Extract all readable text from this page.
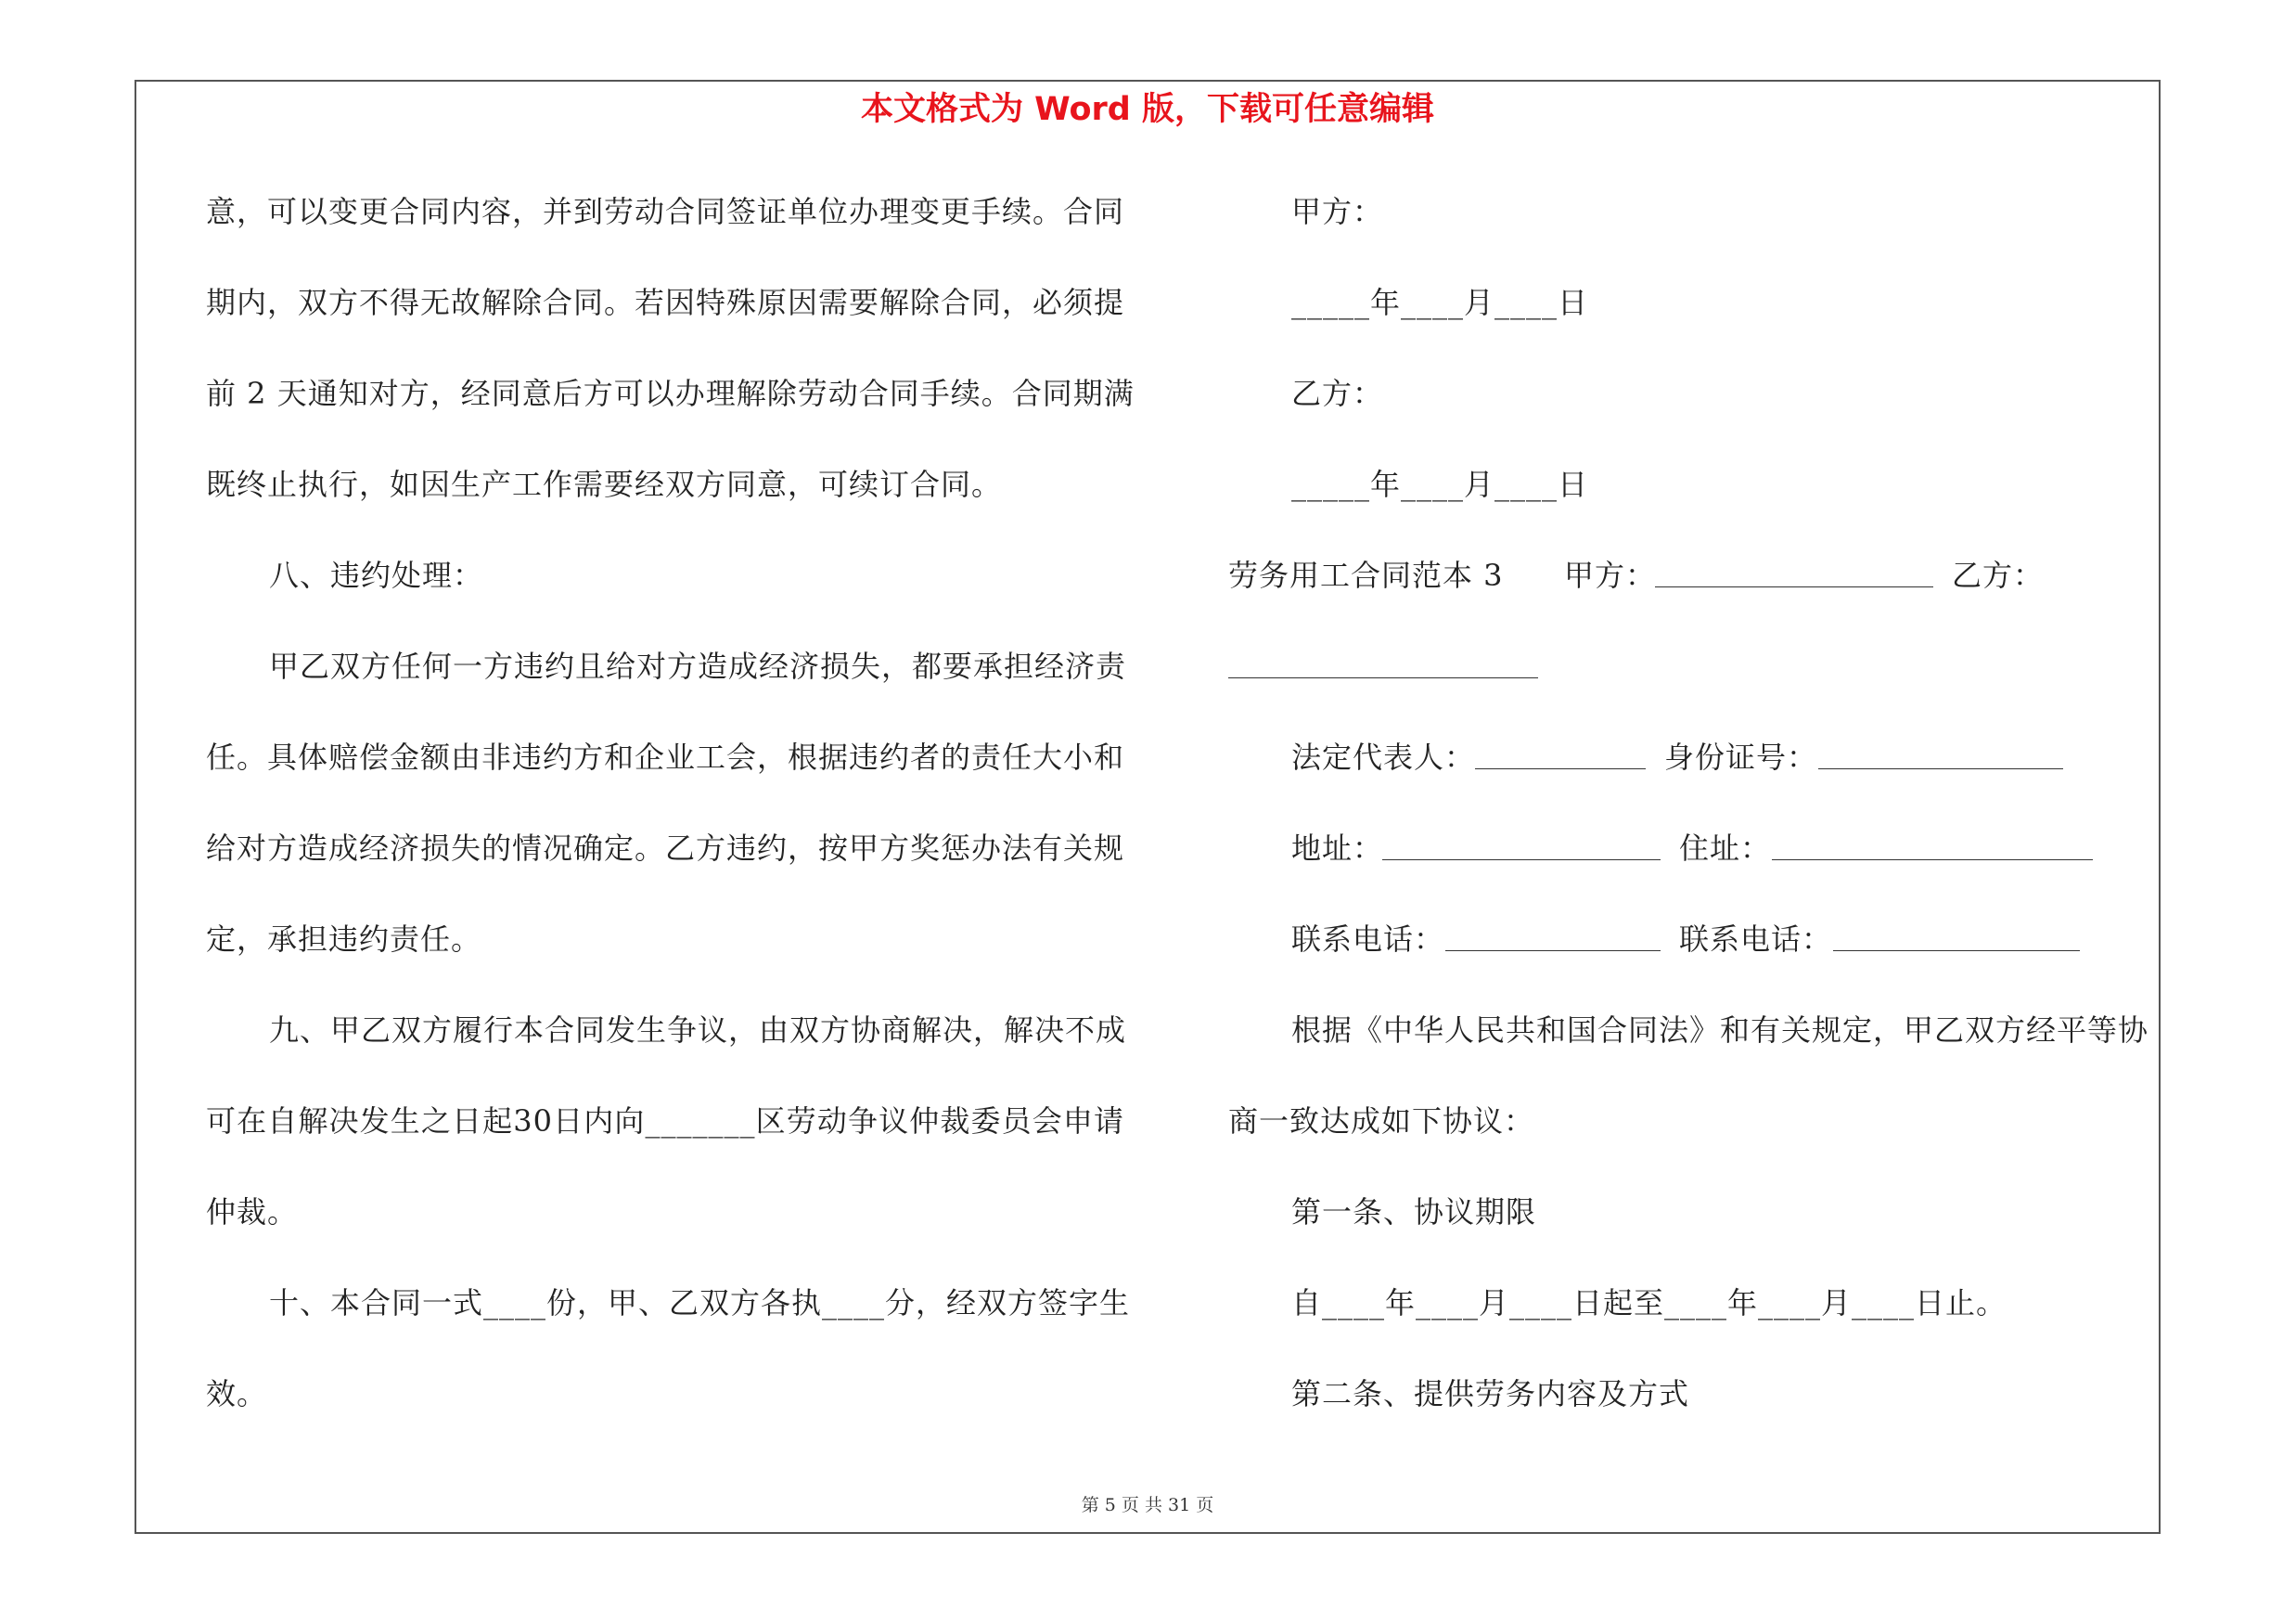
本文格式为 Word 版，下载可任意编辑
意，可以变更合同内容，并到劳动合同签证单位办理变更手续。合同
期内，双方不得无故解除合同。若因特殊原因需要解除合同，必须提
前 2 天通知对方，经同意后方可以办理解除劳动合同手续。合同期满
既终止执行，如因生产工作需要经双方同意，可续订合同。
八、违约处理：
甲乙双方任何一方违约且给对方造成经济损失，都要承担经济责
任。具体赔偿金额由非违约方和企业工会，根据违约者的责任大小和
给对方造成经济损失的情况确定。乙方违约，按甲方奖惩办法有关规
定，承担违约责任。
九、甲乙双方履行本合同发生争议，由双方协商解决，解决不成
可在自解决发生之日起30日内向_______区劳动争议仲裁委员会申请
仲裁。
十、本合同一式____份，甲、乙双方各执____分，经双方签字生
效。
甲方：
_____年____月____日
乙方：
_____年____月____日
劳务用工合同范本 3 甲方：	乙方：
法定代表人：	身份证号：
地址：	住址：
联系电话：	联系电话：
根据《中华人民共和国合同法》和有关规定，甲乙双方经平等协
商一致达成如下协议：
第一条、协议期限
自____年____月____日起至____年____月____日止。
第二条、提供劳务内容及方式
第 5 页 共 31 页
